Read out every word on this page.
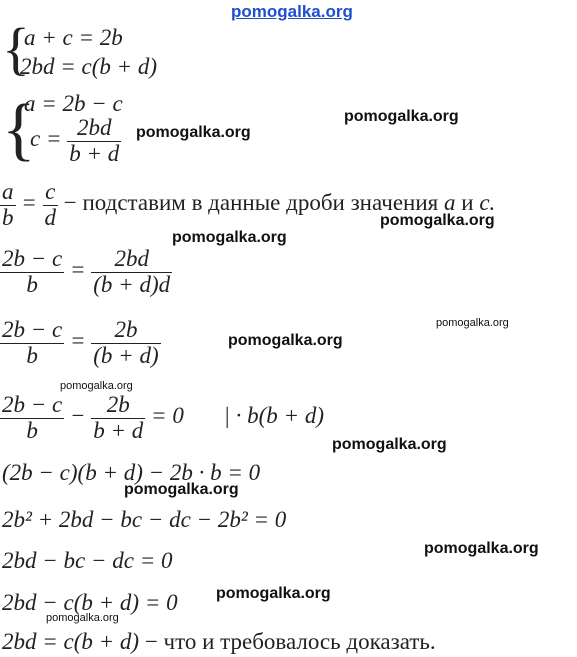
pomogalka.org
pomogalka.org
pomogalka.org
pomogalka.org
pomogalka.org
pomogalka.org
pomogalka.org
pomogalka.org
pomogalka.org
pomogalka.org
pomogalka.org
pomogalka.org
pomogalka.org
{
a + c = 2b
2bd = c(b + d)
{
a = 2b − c
$c = \frac{2bd}{b + d}$
$\frac{a}{b} = \frac{c}{d}$ − подставим в данные дроби значения a и c.
$\frac{2b - c}{b} = \frac{2bd}{(b + d)d}$
$\frac{2b - c}{b} = \frac{2b}{(b + d)}$
$\frac{2b - c}{b} - \frac{2b}{b + d} = 0$ | · b(b + d)
(2b − c)(b + d) − 2b · b = 0
2b² + 2bd − bc − dc − 2b² = 0
2bd − bc − dc = 0
2bd − c(b + d) = 0
2bd = c(b + d) − что и требовалось доказать.
